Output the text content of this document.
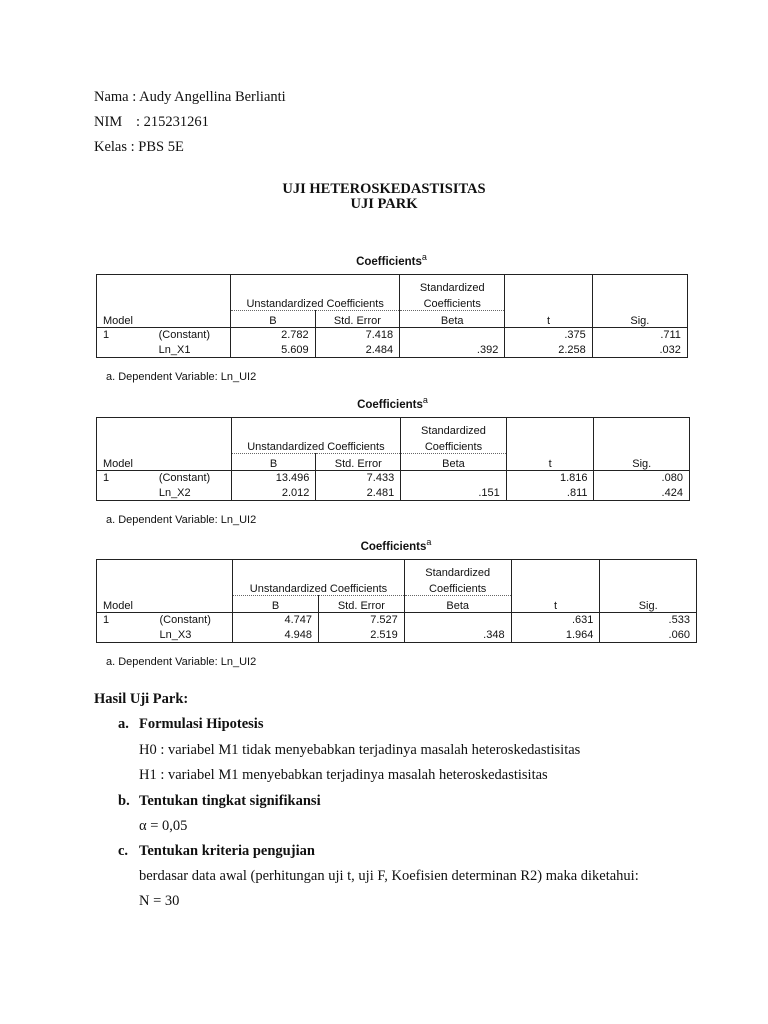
Nama : Audy Angellina Berlianti
NIM : 215231261
Kelas : PBS 5E
UJI HETEROSKEDASTISITAS
UJI PARK
Coefficients$^a$
				Standardized		
		Unstandardized Coefficients		Coefficients		
Model		B	Std. Error	Beta	t	Sig.
1	(Constant)	2.782	7.418		.375	.711
	Ln_X1	5.609	2.484	.392	2.258	.032
a. Dependent Variable: Ln_UI2
Coefficients$^a$
				Standardized		
		Unstandardized Coefficients		Coefficients		
Model		B	Std. Error	Beta	t	Sig.
1	(Constant)	13.496	7.433		1.816	.080
	Ln_X2	2.012	2.481	.151	.811	.424
a. Dependent Variable: Ln_UI2
Coefficients$^a$
				Standardized		
		Unstandardized Coefficients		Coefficients		
Model		B	Std. Error	Beta	t	Sig.
1	(Constant)	4.747	7.527		.631	.533
	Ln_X3	4.948	2.519	.348	1.964	.060
a. Dependent Variable: Ln_UI2
Hasil Uji Park:
a. Formulasi Hipotesis
H0 : variabel M1 tidak menyebabkan terjadinya masalah heteroskedastisitas
H1 : variabel M1 menyebabkan terjadinya masalah heteroskedastisitas
b. Tentukan tingkat signifikansi
α = 0,05
c. Tentukan kriteria pengujian
berdasar data awal (perhitungan uji t, uji F, Koefisien determinan R2) maka diketahui:
N = 30
